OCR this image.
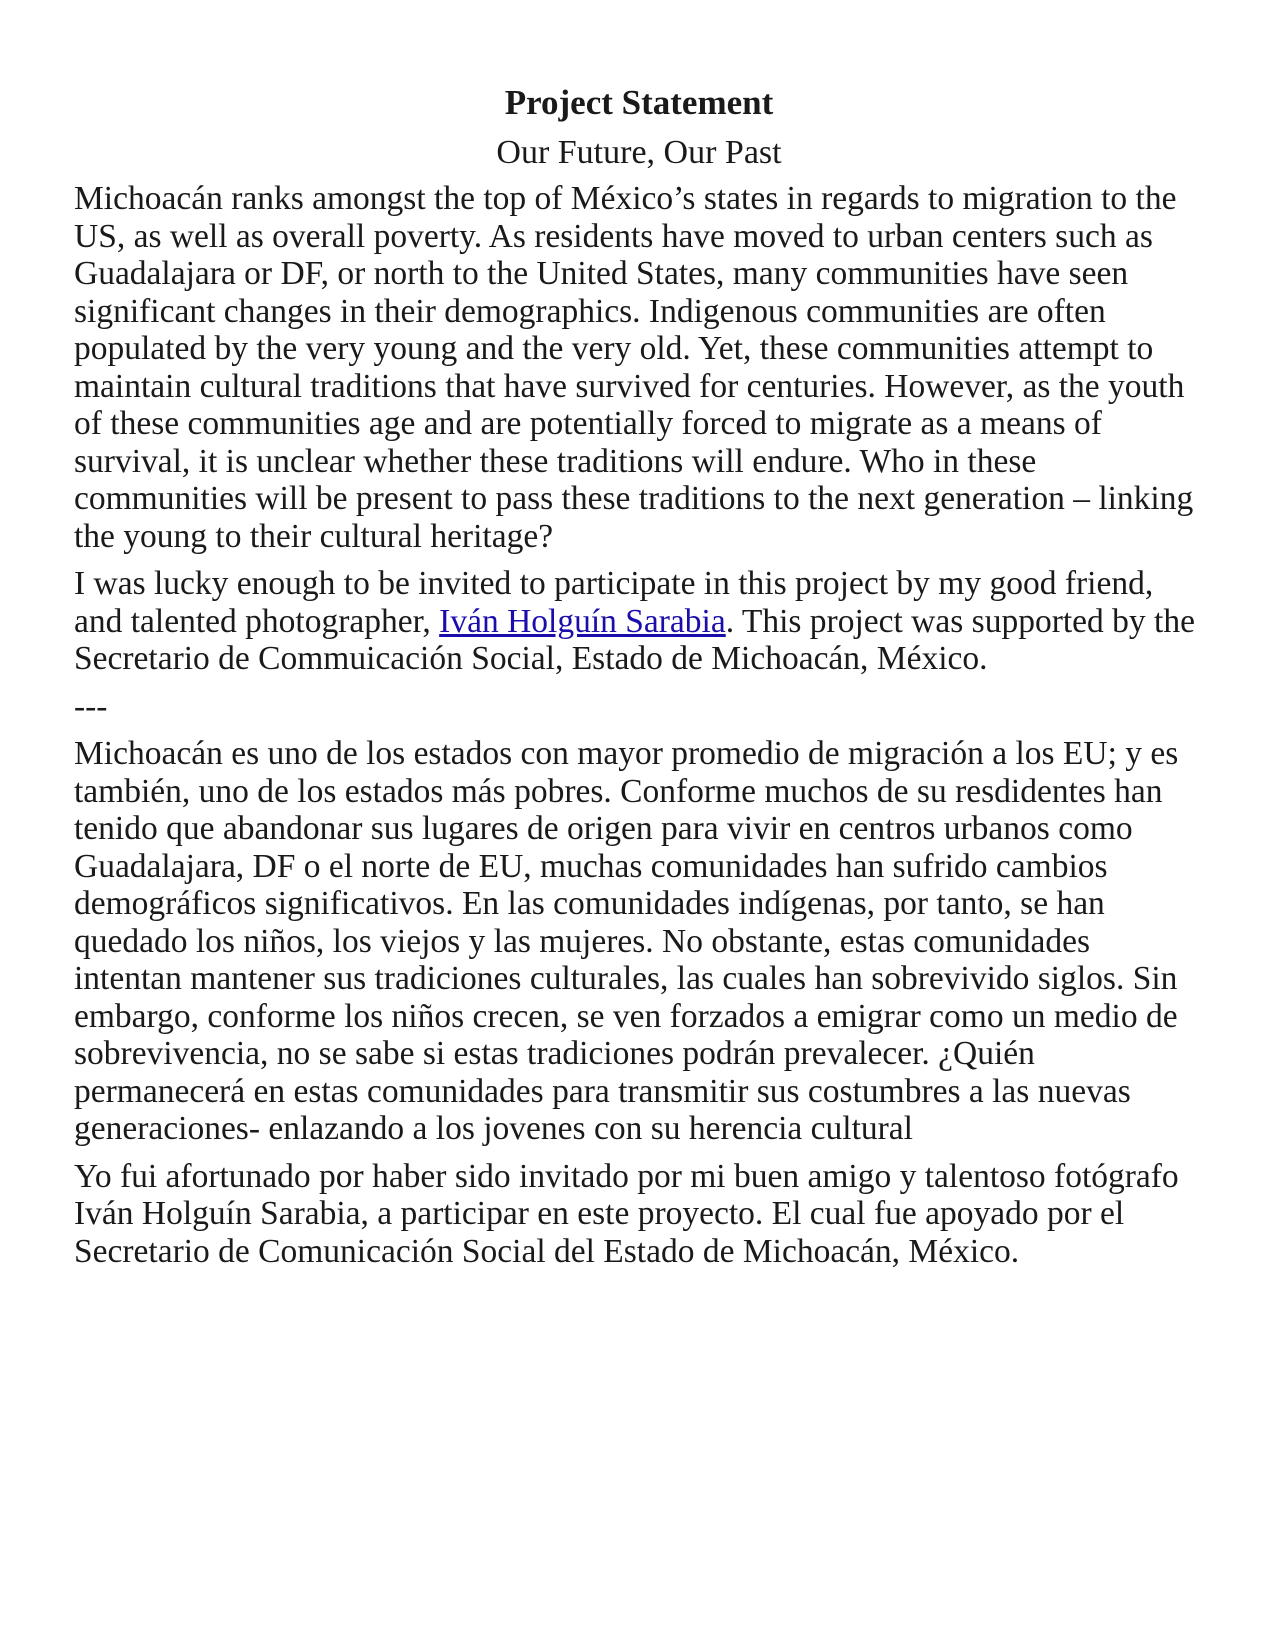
Project Statement

Our Future, Our Past

Michoacán ranks amongst the top of México’s states in regards to migration to the US, as well as overall poverty. As residents have moved to urban centers such as Guadalajara or DF, or north to the United States, many communities have seen significant changes in their demographics. Indigenous communities are often populated by the very young and the very old. Yet, these communities attempt to maintain cultural traditions that have survived for centuries. However, as the youth of these communities age and are potentially forced to migrate as a means of survival, it is unclear whether these traditions will endure. Who in these communities will be present to pass these traditions to the next generation – linking the young to their cultural heritage?

I was lucky enough to be invited to participate in this project by my good friend, and talented photographer, Iván Holguín Sarabia. This project was supported by the Secretario de Commuicación Social, Estado de Michoacán, México.

---

Michoacán es uno de los estados con mayor promedio de migración a los EU; y es también, uno de los estados más pobres. Conforme muchos de su resdidentes han tenido que abandonar sus lugares de origen para vivir en centros urbanos como Guadalajara, DF o el norte de EU, muchas comunidades han sufrido cambios demográficos significativos. En las comunidades indígenas, por tanto, se han quedado los niños, los viejos y las mujeres. No obstante, estas comunidades intentan mantener sus tradiciones culturales, las cuales han sobrevivido siglos. Sin embargo, conforme los niños crecen, se ven forzados a emigrar como un medio de sobrevivencia, no se sabe si estas tradiciones podrán prevalecer. ¿Quién permanecerá en estas comunidades para transmitir sus costumbres a las nuevas generaciones- enlazando a los jovenes con su herencia cultural

Yo fui afortunado por haber sido invitado por mi buen amigo y talentoso fotógrafo Iván Holguín Sarabia, a participar en este proyecto. El cual fue apoyado por el Secretario de Comunicación Social del Estado de Michoacán, México.
